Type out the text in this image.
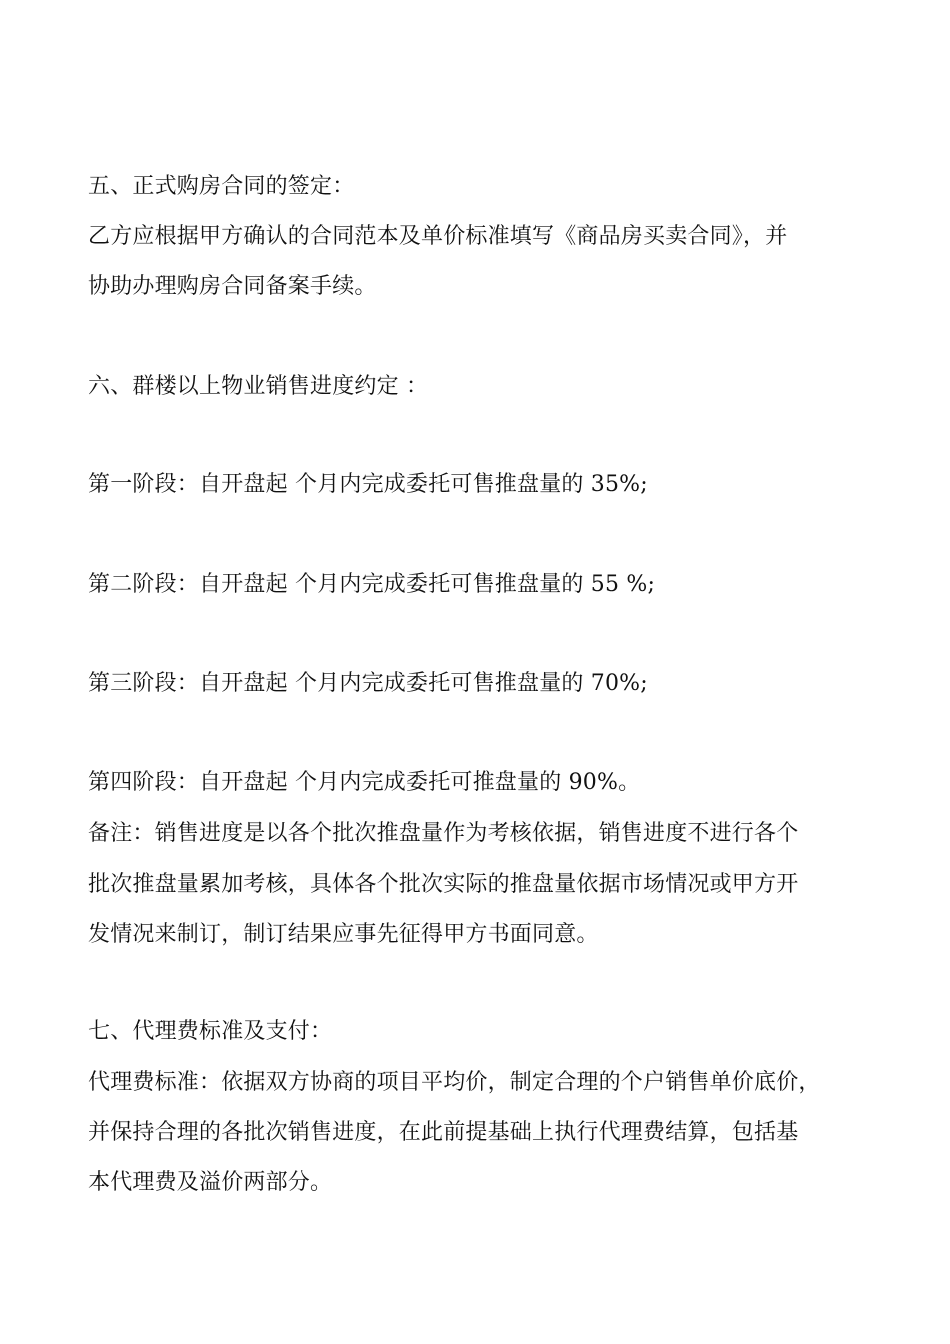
五、正式购房合同的签定：
乙方应根据甲方确认的合同范本及单价标准填写《商品房买卖合同》，并
协助办理购房合同备案手续。
六、群楼以上物业销售进度约定 ：
第一阶段：自开盘起 个月内完成委托可售推盘量的 35%;
第二阶段：自开盘起 个月内完成委托可售推盘量的 55 %;
第三阶段：自开盘起 个月内完成委托可售推盘量的 70%;
第四阶段：自开盘起 个月内完成委托可推盘量的 90%。
备注：销售进度是以各个批次推盘量作为考核依据，销售进度不进行各个
批次推盘量累加考核，具体各个批次实际的推盘量依据市场情况或甲方开
发情况来制订，制订结果应事先征得甲方书面同意。
七、代理费标准及支付：
代理费标准：依据双方协商的项目平均价，制定合理的个户销售单价底价，
并保持合理的各批次销售进度，在此前提基础上执行代理费结算，包括基
本代理费及溢价两部分。
